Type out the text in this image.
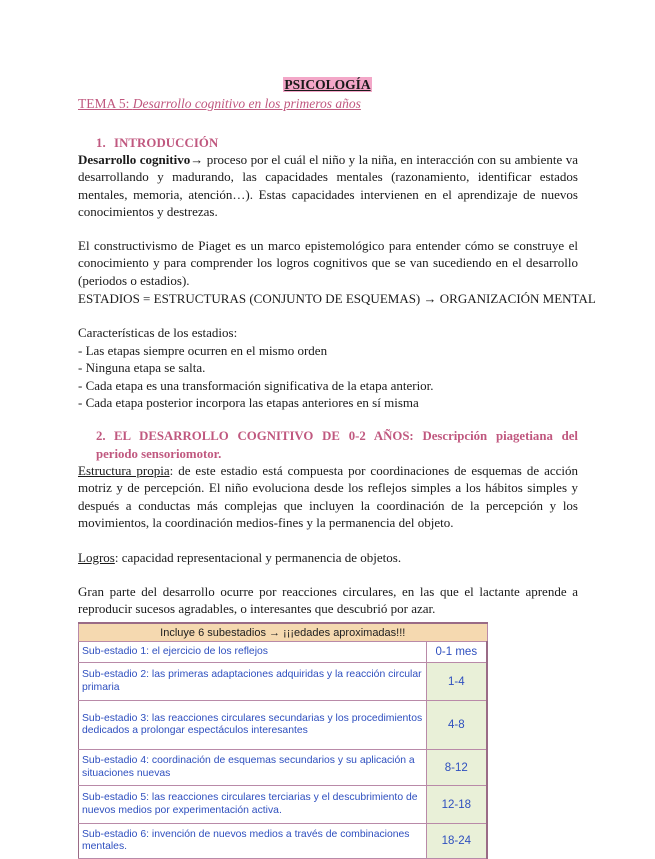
PSICOLOGÍA
TEMA 5: Desarrollo cognitivo en los primeros años
1. INTRODUCCIÓN
Desarrollo cognitivo→ proceso por el cuál el niño y la niña, en interacción con su ambiente va desarrollando y madurando, las capacidades mentales (razonamiento, identificar estados mentales, memoria, atención…). Estas capacidades intervienen en el aprendizaje de nuevos conocimientos y destrezas.
El constructivismo de Piaget es un marco epistemológico para entender cómo se construye el conocimiento y para comprender los logros cognitivos que se van sucediendo en el desarrollo (periodos o estadios).
ESTADIOS = ESTRUCTURAS (CONJUNTO DE ESQUEMAS) → ORGANIZACIÓN MENTAL
Características de los estadios:
- Las etapas siempre ocurren en el mismo orden
- Ninguna etapa se salta.
- Cada etapa es una transformación significativa de la etapa anterior.
- Cada etapa posterior incorpora las etapas anteriores en sí misma
2. EL DESARROLLO COGNITIVO DE 0-2 AÑOS: Descripción piagetiana del periodo sensoriomotor.
Estructura propia: de este estadio está compuesta por coordinaciones de esquemas de acción motriz y de percepción. El niño evoluciona desde los reflejos simples a los hábitos simples y después a conductas más complejas que incluyen la coordinación de la percepción y los movimientos, la coordinación medios-fines y la permanencia del objeto.
Logros: capacidad representacional y permanencia de objetos.
Gran parte del desarrollo ocurre por reacciones circulares, en las que el lactante aprende a reproducir sucesos agradables, o interesantes que descubrió por azar.
Incluye 6 subestadios → ¡¡¡edades aproximadas!!!	
Sub-estadio 1: el ejercicio de los reflejos	0-1 mes
Sub-estadio 2: las primeras adaptaciones adquiridas y la reacción circular primaria	1-4
Sub-estadio 3: las reacciones circulares secundarias y los procedimientos dedicados a prolongar espectáculos interesantes	4-8
Sub-estadio 4: coordinación de esquemas secundarios y su aplicación a situaciones nuevas	8-12
Sub-estadio 5: las reacciones circulares terciarias y el descubrimiento de nuevos medios por experimentación activa.	12-18
Sub-estadio 6: invención de nuevos medios a través de combinaciones mentales.	18-24
